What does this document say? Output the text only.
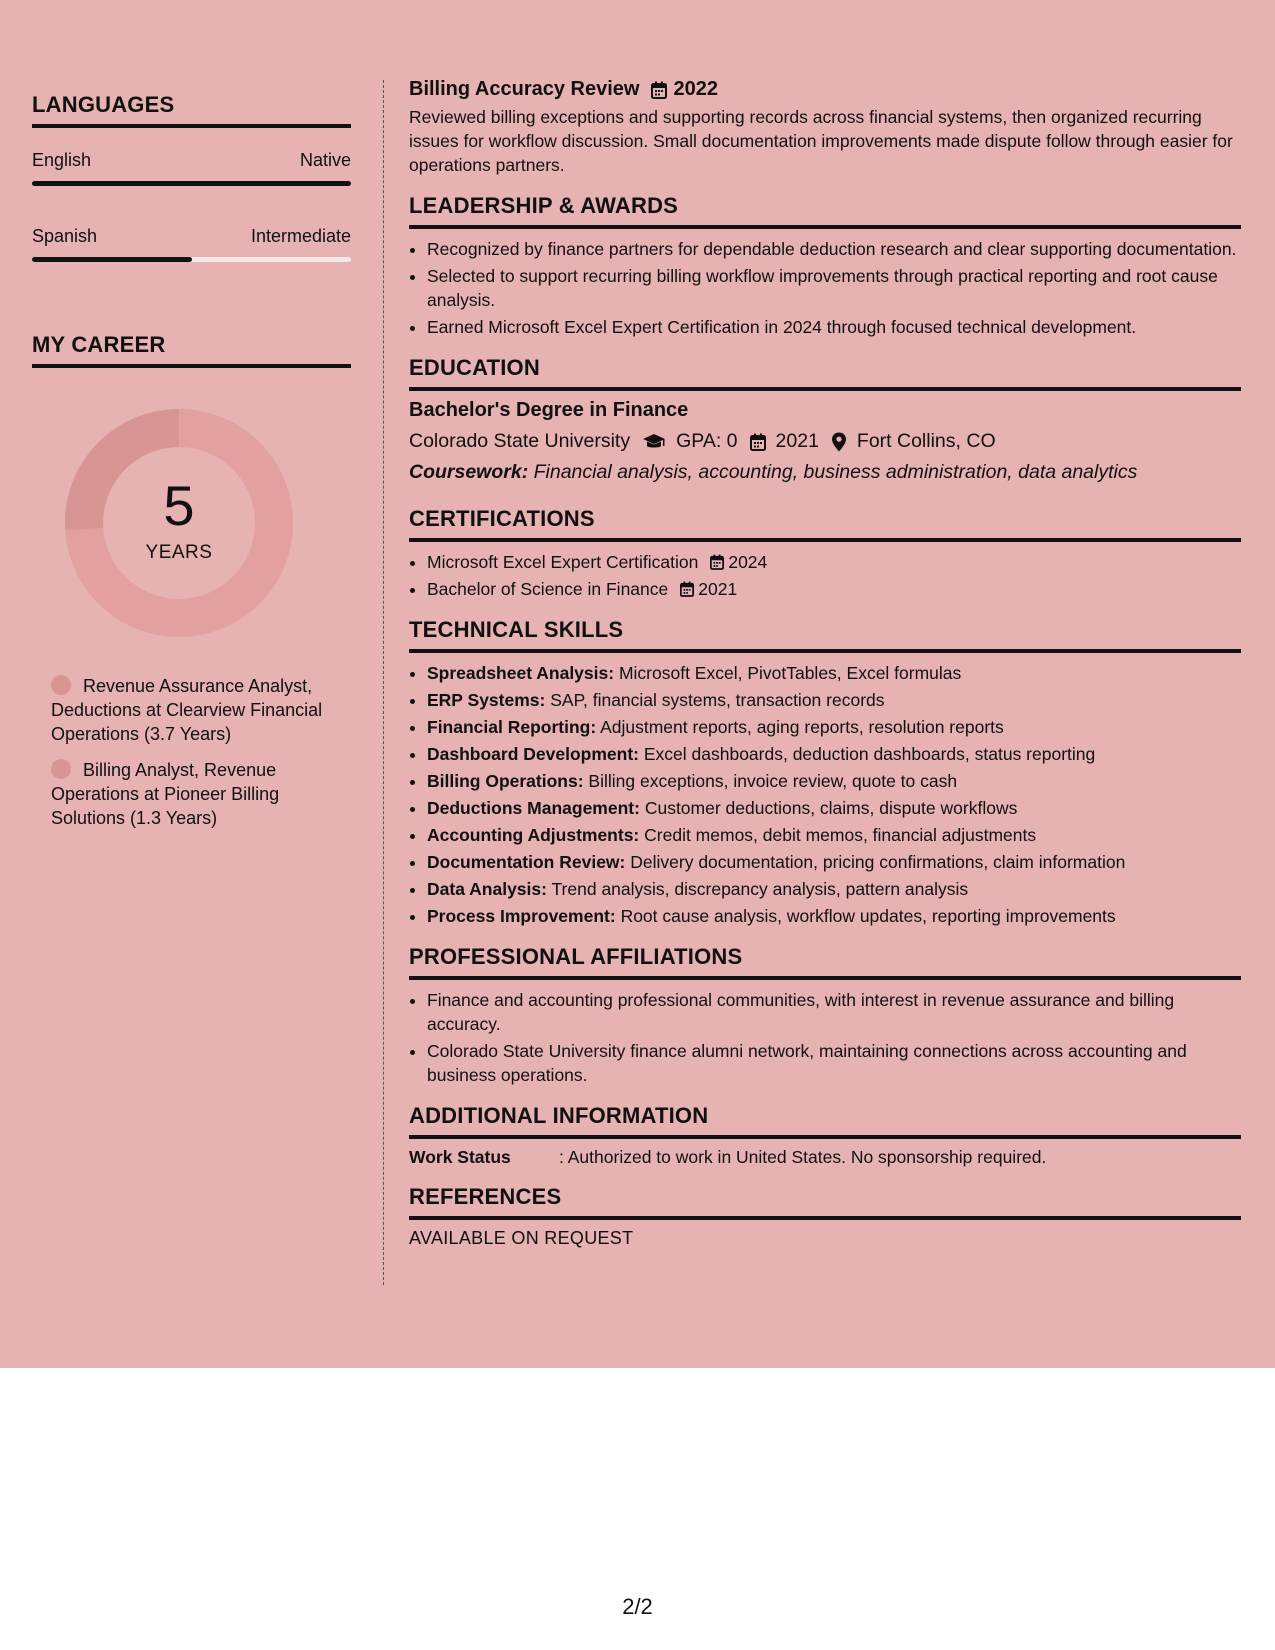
LANGUAGES
English	Native
Spanish	Intermediate
MY CAREER
5
YEARS
Revenue Assurance Analyst, Deductions at Clearview Financial Operations (3.7 Years)
Billing Analyst, Revenue Operations at Pioneer Billing Solutions (1.3 Years)
Billing Accuracy Review 2022
Reviewed billing exceptions and supporting records across financial systems, then organized recurring issues for workflow discussion. Small documentation improvements made dispute follow through easier for operations partners.
LEADERSHIP & AWARDS
• Recognized by finance partners for dependable deduction research and clear supporting documentation.
• Selected to support recurring billing workflow improvements through practical reporting and root cause analysis.
• Earned Microsoft Excel Expert Certification in 2024 through focused technical development.
EDUCATION
Bachelor's Degree in Finance
Colorado State University GPA: 0 2021 Fort Collins, CO
Coursework: Financial analysis, accounting, business administration, data analytics
CERTIFICATIONS
• Microsoft Excel Expert Certification 2024
• Bachelor of Science in Finance 2021
TECHNICAL SKILLS
• Spreadsheet Analysis: Microsoft Excel, PivotTables, Excel formulas
• ERP Systems: SAP, financial systems, transaction records
• Financial Reporting: Adjustment reports, aging reports, resolution reports
• Dashboard Development: Excel dashboards, deduction dashboards, status reporting
• Billing Operations: Billing exceptions, invoice review, quote to cash
• Deductions Management: Customer deductions, claims, dispute workflows
• Accounting Adjustments: Credit memos, debit memos, financial adjustments
• Documentation Review: Delivery documentation, pricing confirmations, claim information
• Data Analysis: Trend analysis, discrepancy analysis, pattern analysis
• Process Improvement: Root cause analysis, workflow updates, reporting improvements
PROFESSIONAL AFFILIATIONS
• Finance and accounting professional communities, with interest in revenue assurance and billing accuracy.
• Colorado State University finance alumni network, maintaining connections across accounting and business operations.
ADDITIONAL INFORMATION
Work Status	: Authorized to work in United States. No sponsorship required.
REFERENCES
AVAILABLE ON REQUEST
2/2
